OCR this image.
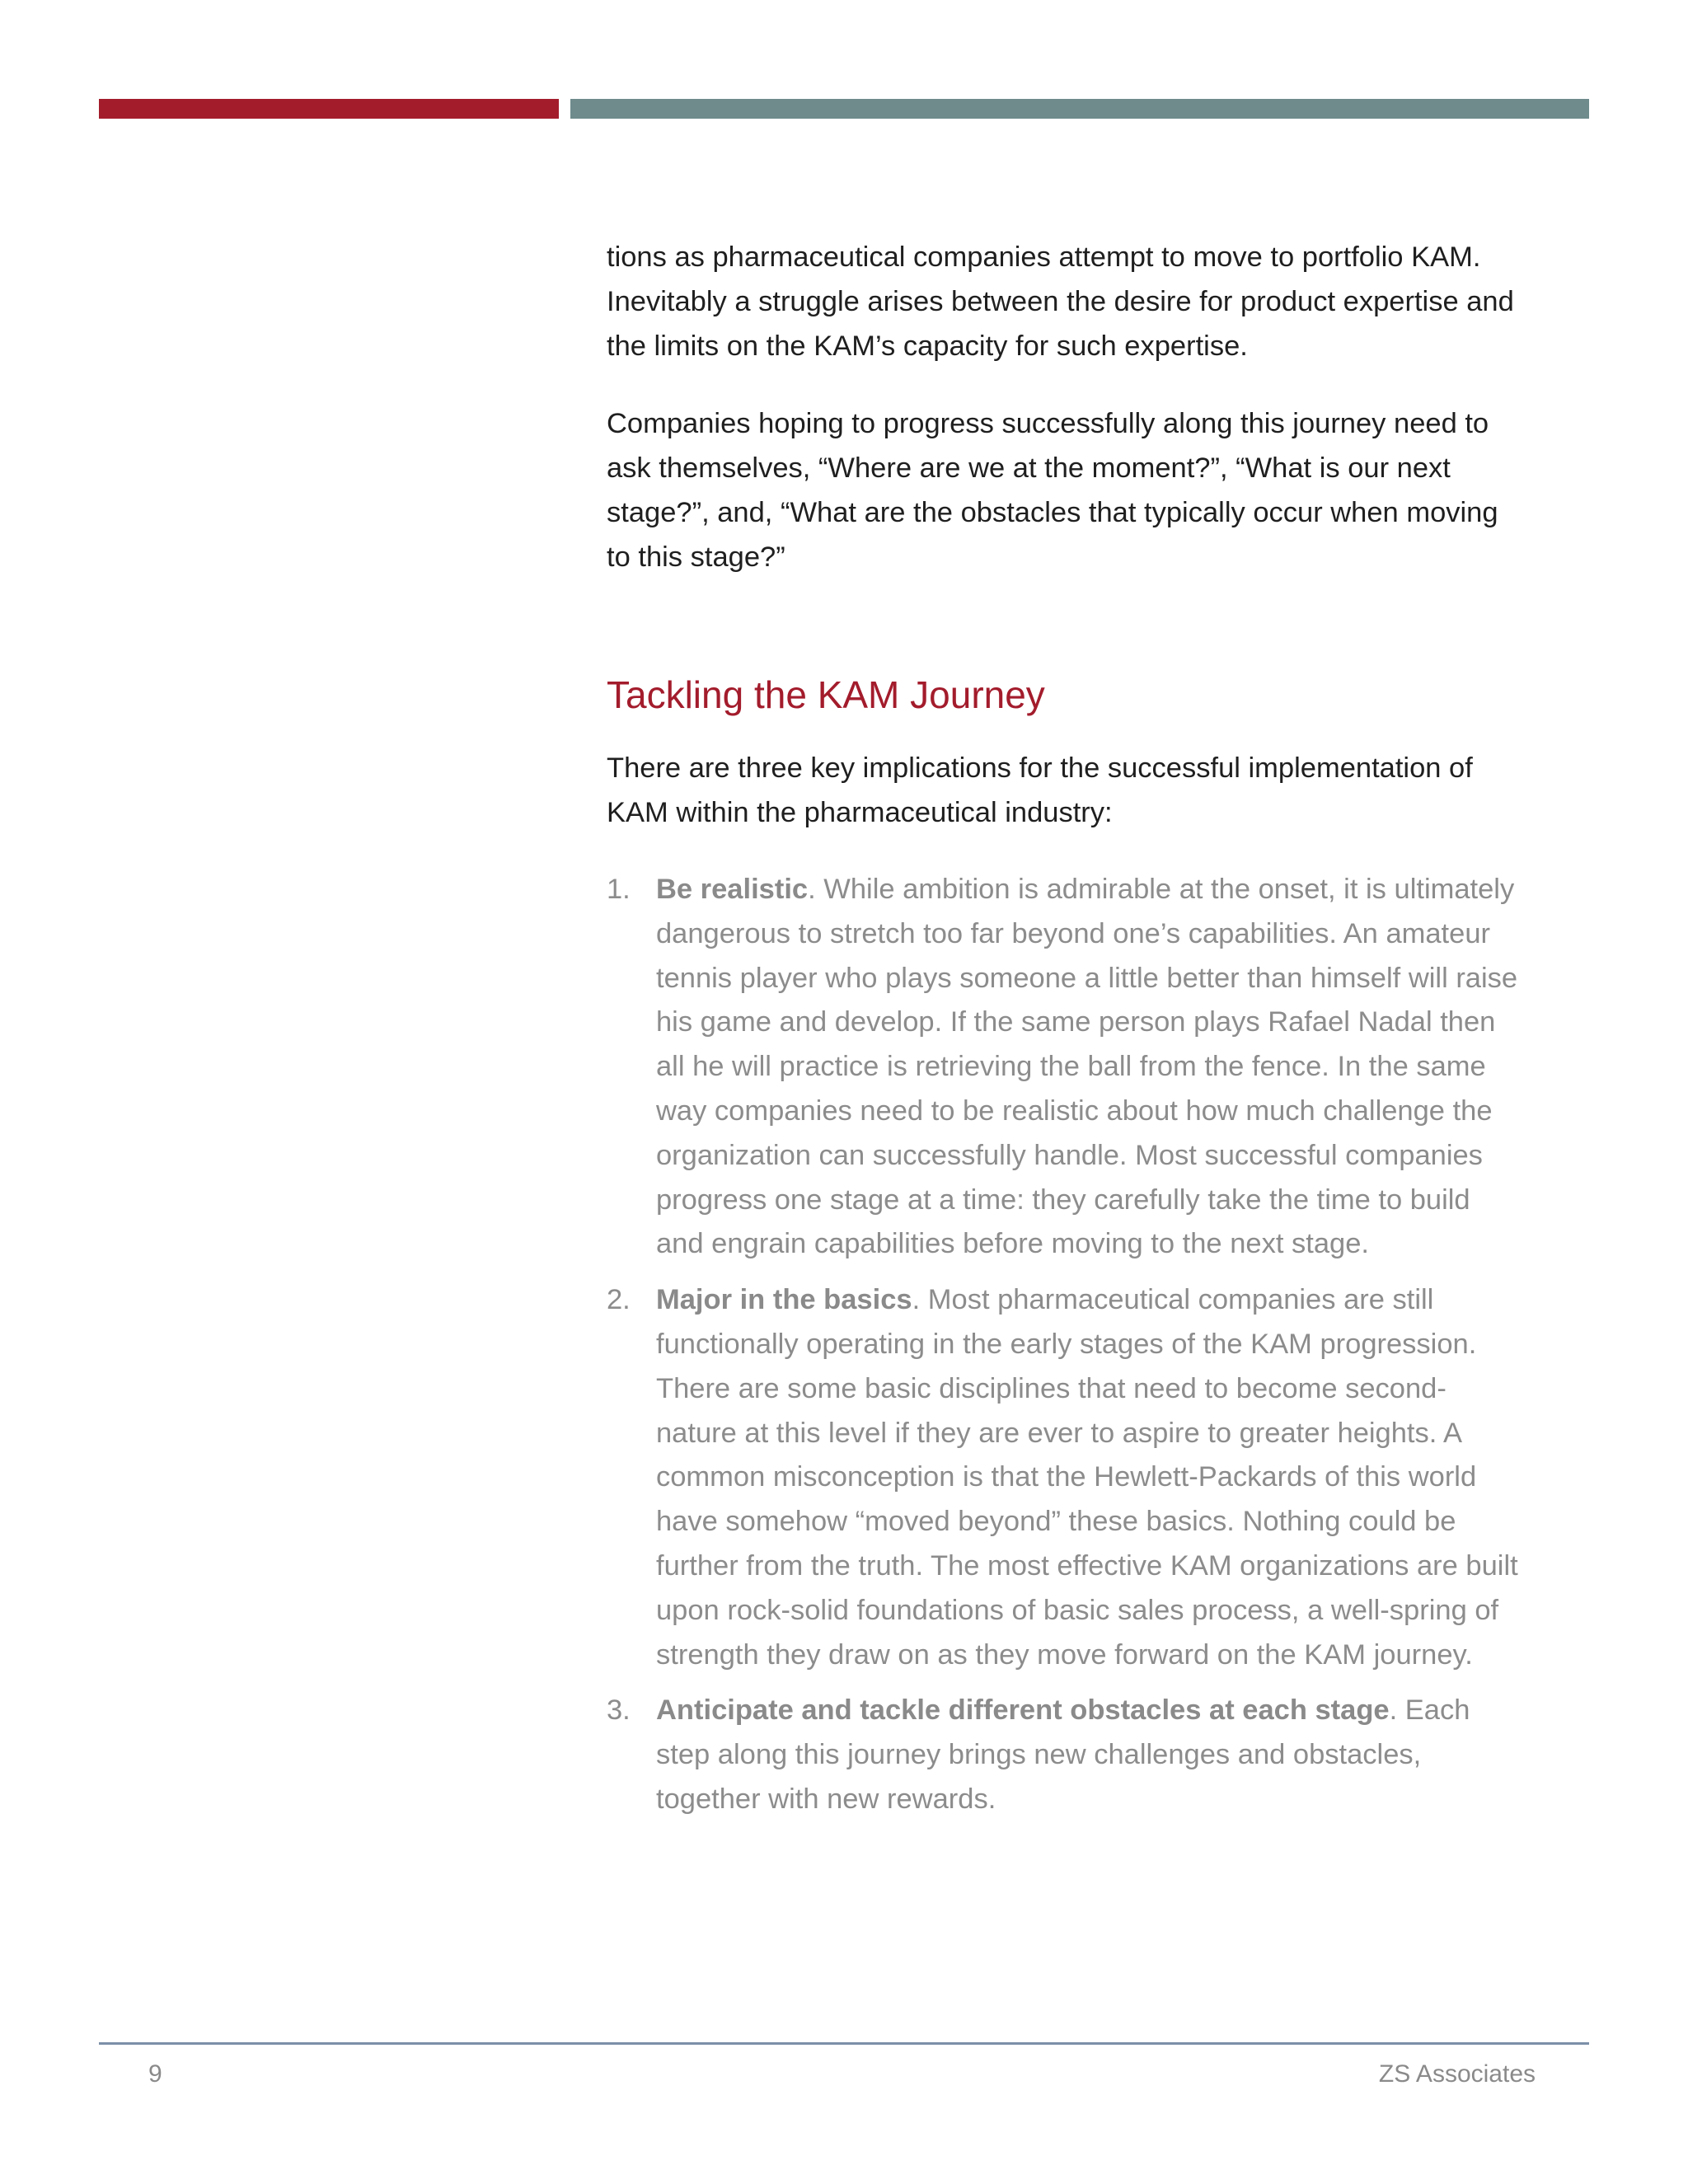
tions as pharmaceutical companies attempt to move to portfolio KAM. Inevitably a struggle arises between the desire for product expertise and the limits on the KAM’s capacity for such expertise.

Companies hoping to progress successfully along this journey need to ask themselves, “Where are we at the moment?”, “What is our next stage?”, and, “What are the obstacles that typically occur when moving to this stage?”

Tackling the KAM Journey

There are three key implications for the successful implementation of KAM within the pharmaceutical industry:

1. Be realistic. While ambition is admirable at the onset, it is ultimately dangerous to stretch too far beyond one’s capabilities. An amateur tennis player who plays someone a little better than himself will raise his game and develop. If the same person plays Rafael Nadal then all he will practice is retrieving the ball from the fence. In the same way companies need to be realistic about how much challenge the organization can successfully handle. Most successful companies progress one stage at a time: they carefully take the time to build and engrain capabilities before moving to the next stage.
2. Major in the basics. Most pharmaceutical companies are still functionally operating in the early stages of the KAM progression. There are some basic disciplines that need to become second-nature at this level if they are ever to aspire to greater heights. A common misconception is that the Hewlett-Packards of this world have somehow “moved beyond” these basics. Nothing could be further from the truth. The most effective KAM organizations are built upon rock-solid foundations of basic sales process, a well-spring of strength they draw on as they move forward on the KAM journey.
3. Anticipate and tackle different obstacles at each stage. Each step along this journey brings new challenges and obstacles, together with new rewards.
9	ZS Associates
